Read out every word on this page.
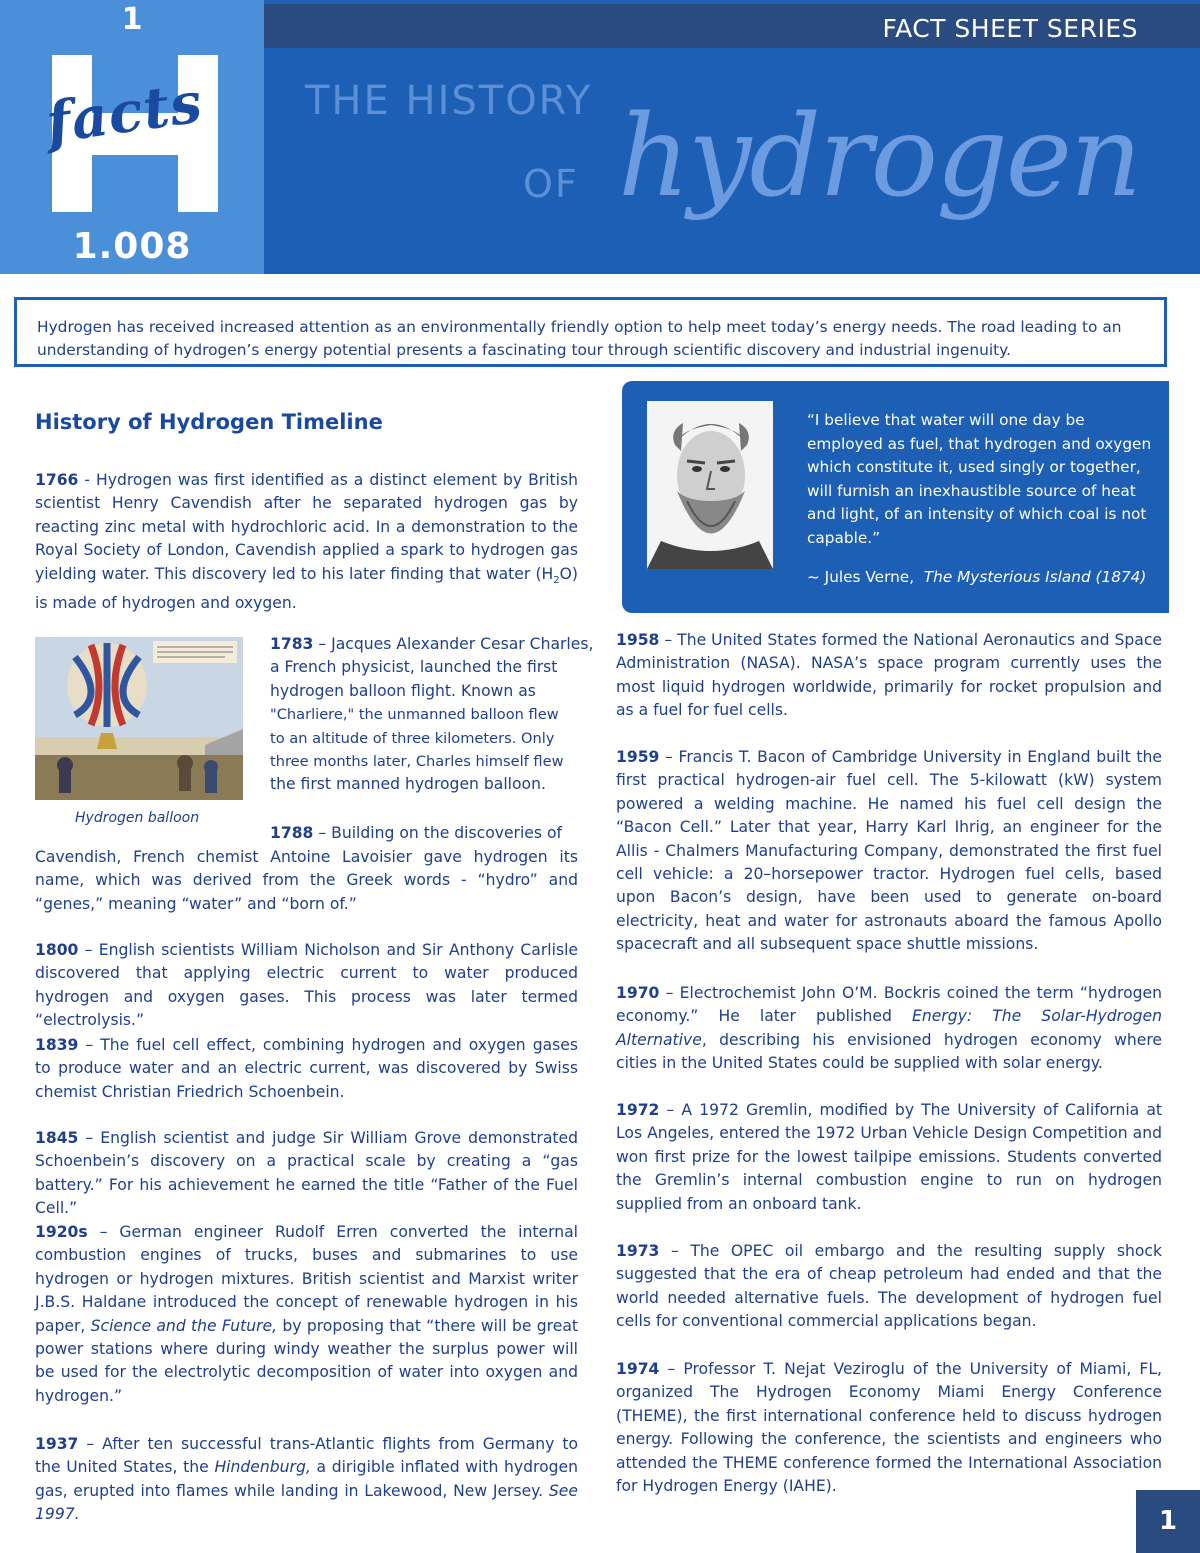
1
facts
1.008
FACT SHEET SERIES
THE HISTORY
OF hydrogen
Hydrogen has received increased attention as an environmentally friendly option to help meet today’s energy needs. The road leading to an
understanding of hydrogen’s energy potential presents a fascinating tour through scientific discovery and industrial ingenuity.
History of Hydrogen Timeline

1766 - Hydrogen was first identified as a distinct element by British scientist Henry Cavendish after he separated hydrogen gas by reacting zinc metal with hydrochloric acid. In a demonstration to the Royal Society of London, Cavendish applied a spark to hydrogen gas yielding water. This discovery led to his later finding that water $(H_2O)$ is made of hydrogen and oxygen.

Hydrogen balloon
1783 – Jacques Alexander Cesar Charles,
a French physicist, launched the first
hydrogen balloon flight. Known as
"Charliere," the unmanned balloon flew
to an altitude of three kilometers. Only
three months later, Charles himself flew
the first manned hydrogen balloon.
1788 – Building on the discoveries of

Cavendish, French chemist Antoine Lavoisier gave hydrogen its name, which was derived from the Greek words - “hydro” and “genes,” meaning “water” and “born of.”

1800 – English scientists William Nicholson and Sir Anthony Carlisle discovered that applying electric current to water produced hydrogen and oxygen gases. This process was later termed “electrolysis.”

1839 – The fuel cell effect, combining hydrogen and oxygen gases to produce water and an electric current, was discovered by Swiss chemist Christian Friedrich Schoenbein.

1845 – English scientist and judge Sir William Grove demonstrated Schoenbein’s discovery on a practical scale by creating a “gas battery.” For his achievement he earned the title “Father of the Fuel Cell.”

1920s – German engineer Rudolf Erren converted the internal combustion engines of trucks, buses and submarines to use hydrogen or hydrogen mixtures. British scientist and Marxist writer J.B.S. Haldane introduced the concept of renewable hydrogen in his paper, Science and the Future, by proposing that “there will be great power stations where during windy weather the surplus power will be used for the electrolytic decomposition of water into oxygen and hydrogen.”

1937 – After ten successful trans-Atlantic flights from Germany to the United States, the Hindenburg, a dirigible inflated with hydrogen gas, erupted into flames while landing in Lakewood, New Jersey. See 1997.

“I believe that water will one day be employed as fuel, that hydrogen and oxygen which constitute it, used singly or together, will furnish an inexhaustible source of heat and light, of an intensity of which coal is not capable.”
~ Jules Verne,  The Mysterious Island (1874)

1958 – The United States formed the National Aeronautics and Space Administration (NASA). NASA’s space program currently uses the most liquid hydrogen worldwide, primarily for rocket propulsion and as a fuel for fuel cells.

1959 – Francis T. Bacon of Cambridge University in England built the first practical hydrogen-air fuel cell. The 5-kilowatt (kW) system powered a welding machine. He named his fuel cell design the “Bacon Cell.” Later that year, Harry Karl Ihrig, an engineer for the Allis - Chalmers Manufacturing Company, demonstrated the first fuel cell vehicle: a 20–horsepower tractor. Hydrogen fuel cells, based upon Bacon’s design, have been used to generate on-board electricity, heat and water for astronauts aboard the famous Apollo spacecraft and all subsequent space shuttle missions.

1970 – Electrochemist John O’M. Bockris coined the term “hydrogen economy.” He later published Energy: The Solar-Hydrogen Alternative, describing his envisioned hydrogen economy where cities in the United States could be supplied with solar energy.

1972 – A 1972 Gremlin, modified by The University of California at Los Angeles, entered the 1972 Urban Vehicle Design Competition and won first prize for the lowest tailpipe emissions. Students converted the Gremlin’s internal combustion engine to run on hydrogen supplied from an onboard tank.

1973 – The OPEC oil embargo and the resulting supply shock suggested that the era of cheap petroleum had ended and that the world needed alternative fuels. The development of hydrogen fuel cells for conventional commercial applications began.

1974 – Professor T. Nejat Veziroglu of the University of Miami, FL, organized The Hydrogen Economy Miami Energy Conference (THEME), the first international conference held to discuss hydrogen energy. Following the conference, the scientists and engineers who attended the THEME conference formed the International Association for Hydrogen Energy (IAHE).

1
